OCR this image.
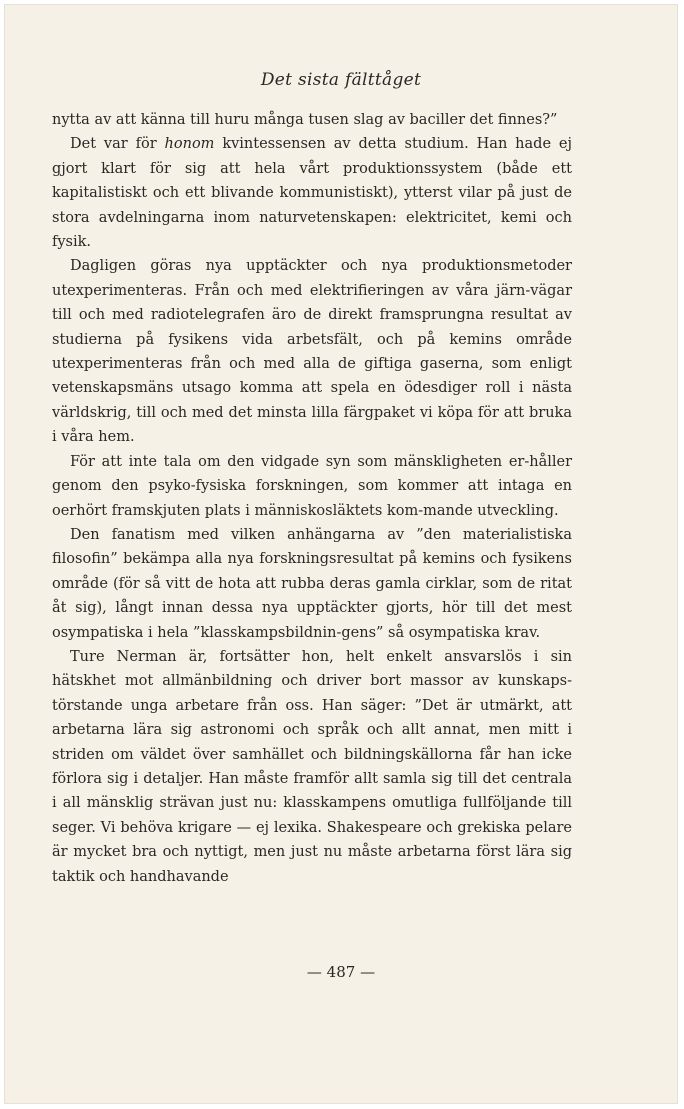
Det sista fälttåget

nytta av att känna till huru många tusen slag av baciller det finnes?”

Det var för honom kvintessensen av detta studium. Han hade ej gjort klart för sig att hela vårt produktionssystem (både ett kapitalistiskt och ett blivande kommunistiskt), ytterst vilar på just de stora avdelningarna inom naturvetenskapen: elektricitet, kemi och fysik.

Dagligen göras nya upptäckter och nya produktionsmetoder utexperimenteras. Från och med elektrifieringen av våra järn-vägar till och med radiotelegrafen äro de direkt framsprungna resultat av studierna på fysikens vida arbetsfält, och på kemins område utexperimenteras från och med alla de giftiga gaserna, som enligt vetenskapsmäns utsago komma att spela en ödesdiger roll i nästa världskrig, till och med det minsta lilla färgpaket vi köpa för att bruka i våra hem.

För att inte tala om den vidgade syn som mänskligheten er-håller genom den psyko-fysiska forskningen, som kommer att intaga en oerhört framskjuten plats i människosläktets kom-mande utveckling.

Den fanatism med vilken anhängarna av ”den materialistiska filosofin” bekämpa alla nya forskningsresultat på kemins och fysikens område (för så vitt de hota att rubba deras gamla cirklar, som de ritat åt sig), långt innan dessa nya upptäckter gjorts, hör till det mest osympatiska i hela ”klasskampsbildnin-gens” så osympatiska krav.

Ture Nerman är, fortsätter hon, helt enkelt ansvarslös i sin hätskhet mot allmänbildning och driver bort massor av kunskaps-törstande unga arbetare från oss. Han säger: ”Det är utmärkt, att arbetarna lära sig astronomi och språk och allt annat, men mitt i striden om väldet över samhället och bildningskällorna får han icke förlora sig i detaljer. Han måste framför allt samla sig till det centrala i all mänsklig strävan just nu: klasskampens omutliga fullföljande till seger. Vi behöva krigare — ej lexika. Shakespeare och grekiska pelare är mycket bra och nyttigt, men just nu måste arbetarna först lära sig taktik och handhavande

— 487 —
